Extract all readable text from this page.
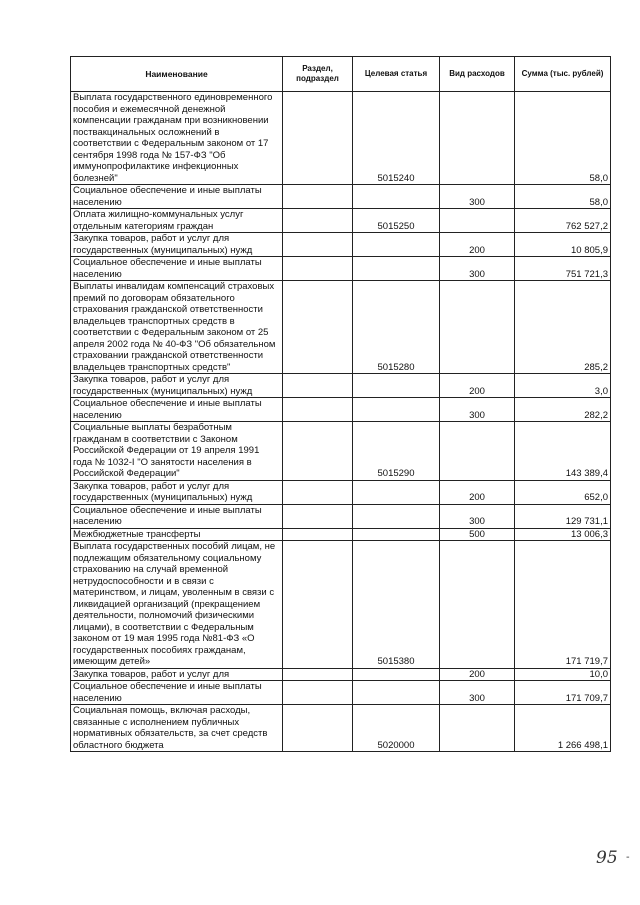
Наименование	Раздел, подраздел	Целевая статья	Вид расходов	Сумма (тыс. рублей)
Выплата государственного единовременного пособия и ежемесячной денежной компенсации гражданам при возникновении поствакцинальных осложнений в соответствии с Федеральным законом от 17 сентября 1998 года № 157-ФЗ "Об иммунопрофилактике инфекционных болезней"		5015240		58,0
Социальное обеспечение и иные выплаты населению			300	58,0
Оплата жилищно-коммунальных услуг отдельным категориям граждан		5015250		762 527,2
Закупка товаров, работ и услуг для государственных (муниципальных) нужд			200	10 805,9
Социальное обеспечение и иные выплаты населению			300	751 721,3
Выплаты инвалидам компенсаций страховых премий по договорам обязательного страхования гражданской ответственности владельцев транспортных средств в соответствии с Федеральным законом от 25 апреля 2002 года № 40-ФЗ "Об обязательном страховании гражданской ответственности владельцев транспортных средств"		5015280		285,2
Закупка товаров, работ и услуг для государственных (муниципальных) нужд			200	3,0
Социальное обеспечение и иные выплаты населению			300	282,2
Социальные выплаты безработным гражданам в соответствии с Законом Российской Федерации от 19 апреля 1991 года № 1032-I "О занятости населения в Российской Федерации"		5015290		143 389,4
Закупка товаров, работ и услуг для государственных (муниципальных) нужд			200	652,0
Социальное обеспечение и иные выплаты населению			300	129 731,1
Межбюджетные трансферты			500	13 006,3
Выплата государственных пособий лицам, не подлежащим обязательному социальному страхованию на случай временной нетрудоспособности и в связи с материнством, и лицам, уволенным в связи с ликвидацией организаций (прекращением деятельности, полномочий физическими лицами), в соответствии с Федеральным законом от 19 мая 1995 года №81-ФЗ «О государственных пособиях гражданам, имеющим детей»		5015380		171 719,7
Закупка товаров, работ и услуг для			200	10,0
Социальное обеспечение и иные выплаты населению			300	171 709,7
Социальная помощь, включая расходы, связанные с исполнением публичных нормативных обязательств, за счет средств областного бюджета		5020000		1 266 498,1
95 -
